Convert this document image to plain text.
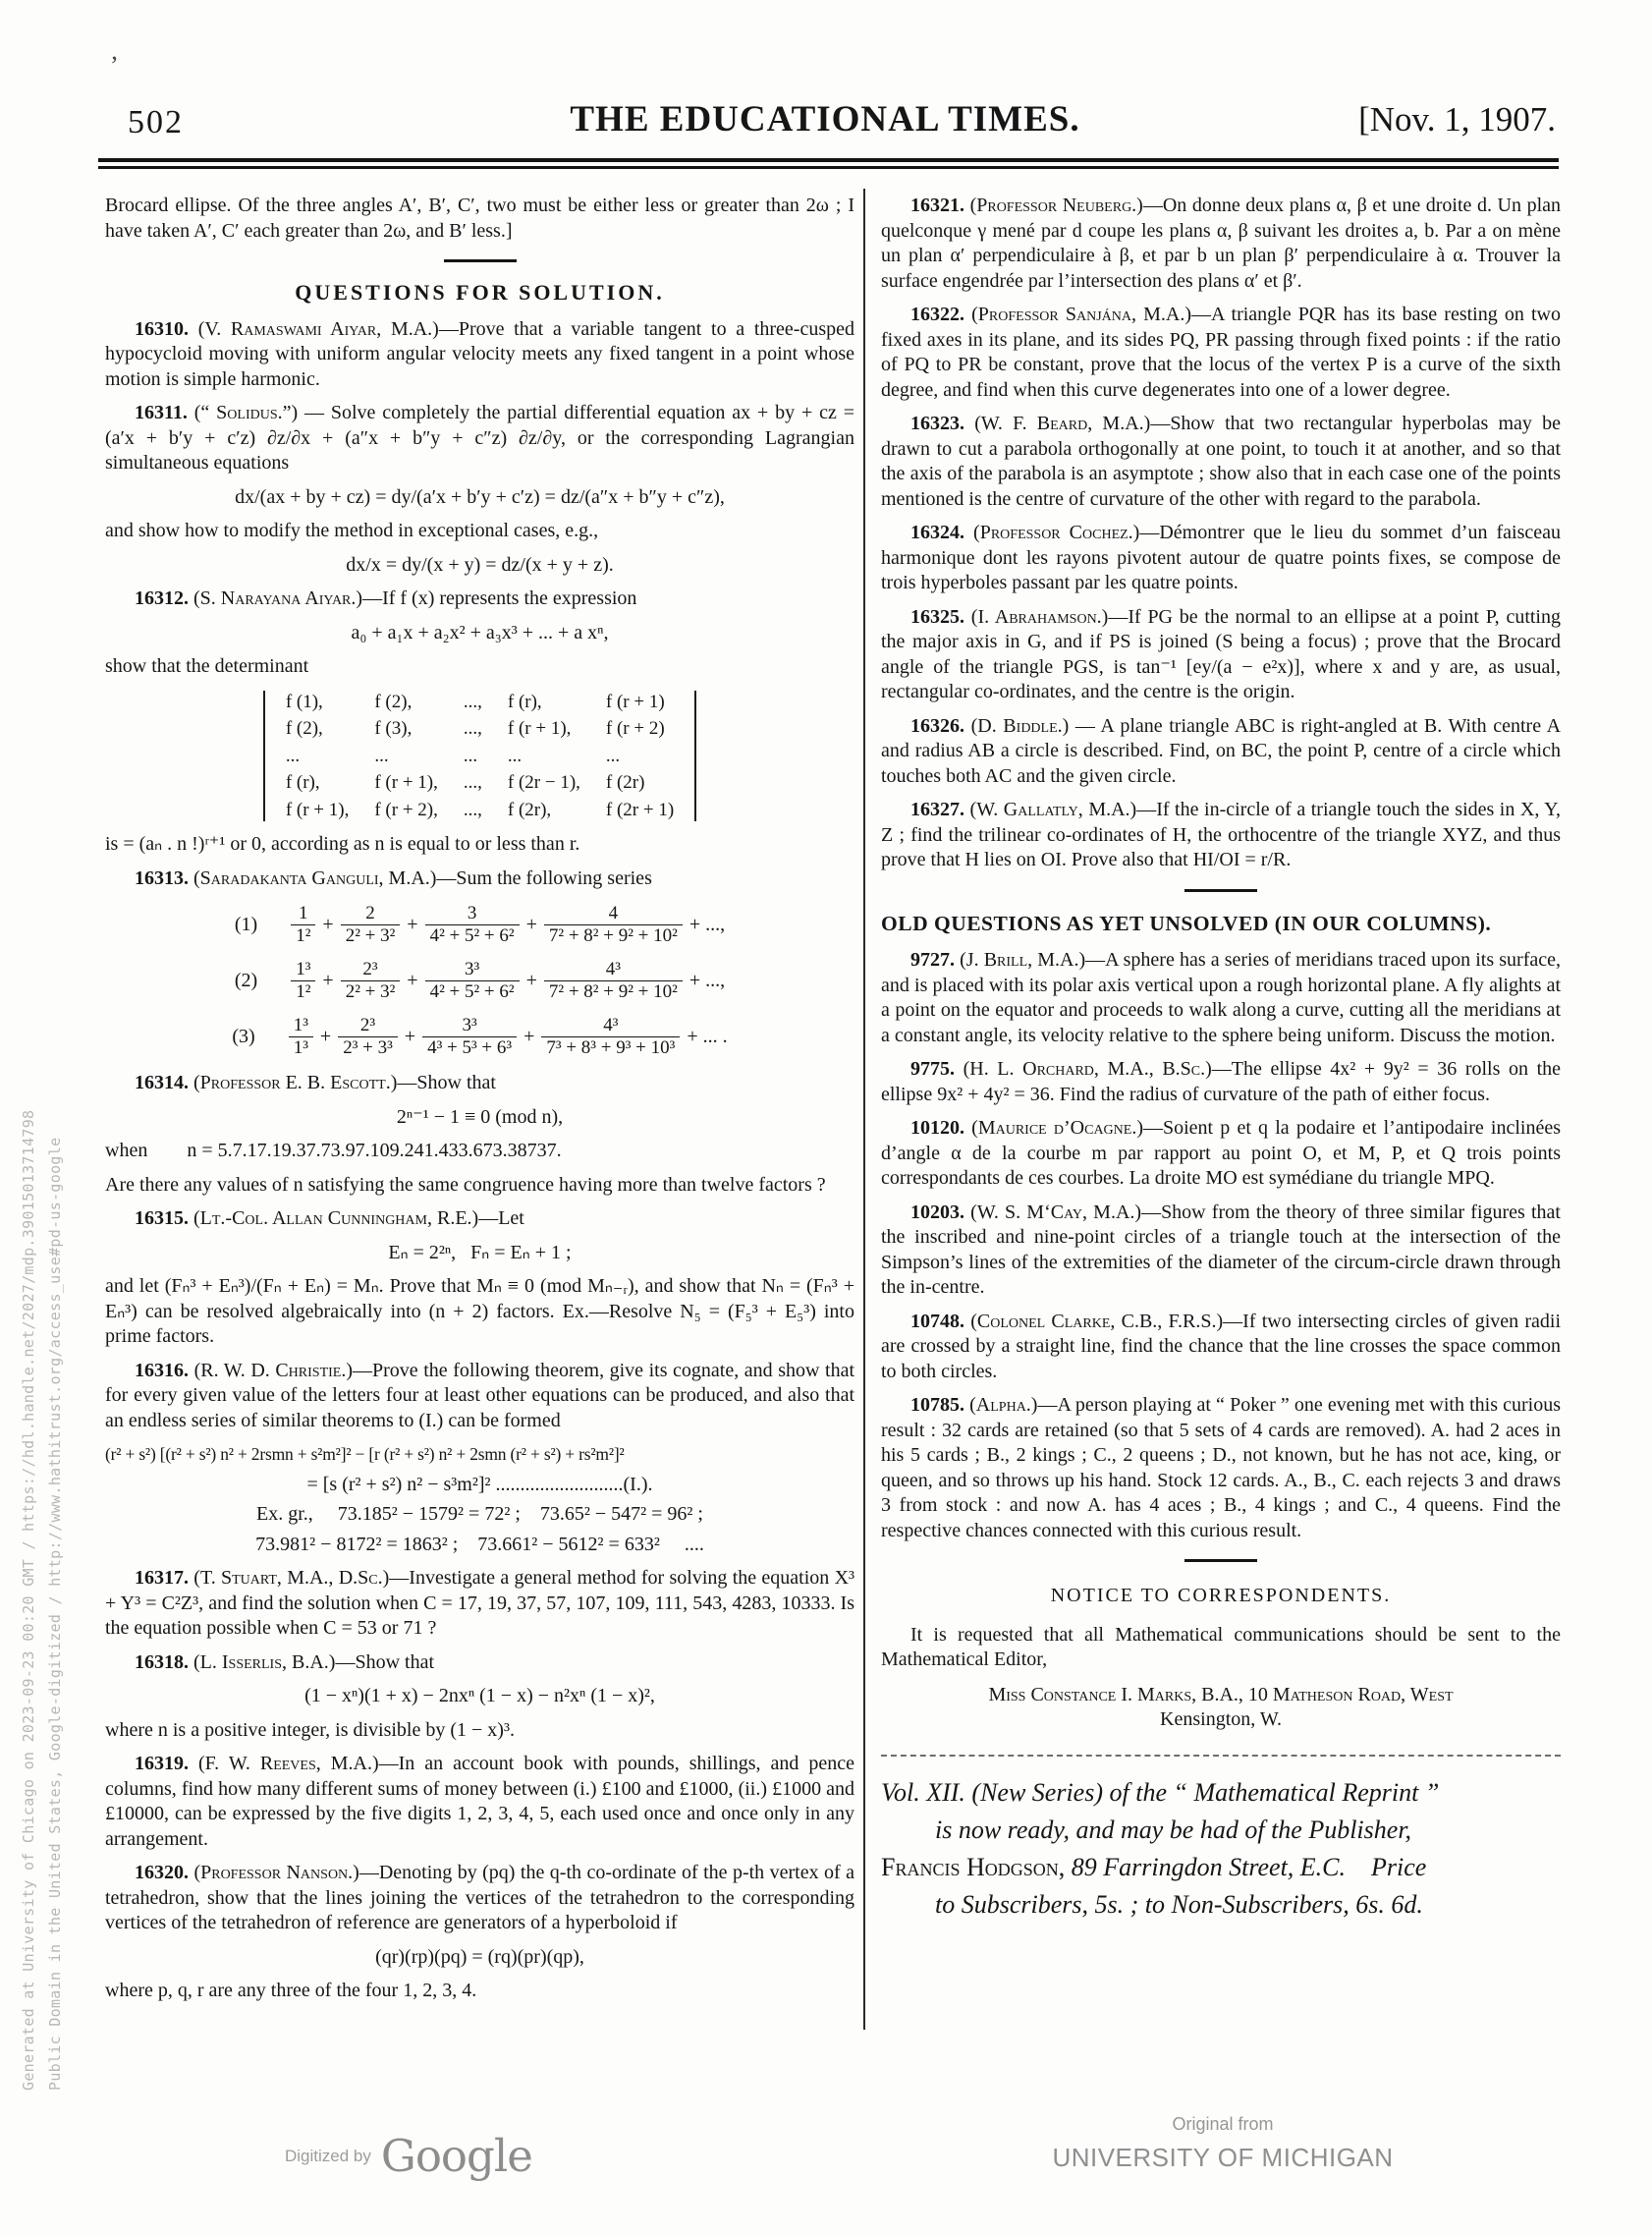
’
502	THE EDUCATIONAL TIMES.	[Nov. 1, 1907.
Generated at University of Chicago on 2023-09-23 00:20 GMT / https://hdl.handle.net/2027/mdp.39015013714798 Public Domain in the United States, Google-digitized / http://www.hathitrust.org/access_use#pd-us-google
Brocard ellipse. Of the three angles A′, B′, C′, two must be either less or greater than 2ω ; I have taken A′, C′ each greater than 2ω, and B′ less.]
QUESTIONS FOR SOLUTION.
16310. (V. Ramaswami Aiyar, M.A.)—Prove that a variable tangent to a three-cusped hypocycloid moving with uniform angular velocity meets any fixed tangent in a point whose motion is simple harmonic.
16311. (“ Solidus.”) — Solve completely the partial differential equation ax + by + cz = (a′x + b′y + c′z) ∂z/∂x + (a″x + b″y + c″z) ∂z/∂y, or the corresponding Lagrangian simultaneous equations
dx/(ax + by + cz) = dy/(a′x + b′y + c′z) = dz/(a″x + b″y + c″z),
and show how to modify the method in exceptional cases, e.g.,
dx/x = dy/(x + y) = dz/(x + y + z).
16312. (S. Narayana Aiyar.)—If f (x) represents the expression
a₀ + a₁x + a₂x² + a₃x³ + ... + a xⁿ,
show that the determinant
f (1),	f (2),	...,	f (r),	f (r + 1)
f (2),	f (3),	...,	f (r + 1),	f (r + 2)
...	...	...	...	...
f (r),	f (r + 1),	...,	f (2r − 1),	f (2r)
f (r + 1),	f (r + 2),	...,	f (2r),	f (2r + 1)
is = (aₙ . n !)ʳ⁺¹ or 0, according as n is equal to or less than r.
16313. (Saradakanta Ganguli, M.A.)—Sum the following series
$(1) \frac{1}{\text{1²}} + \frac{2}{\text{2² + 3²}} + \frac{3}{\text{4² + 5² + 6²}} + \frac{4}{\text{7² + 8² + 9² + 10²}}$ + ...,
$(2) \frac{\text{1³}}{\text{1²}} + \frac{\text{2³}}{\text{2² + 3²}} + \frac{\text{3³}}{\text{4² + 5² + 6²}} + \frac{\text{4³}}{\text{7² + 8² + 9² + 10²}}$ + ...,
$(3) \frac{\text{1³}}{\text{1³}} + \frac{\text{2³}}{\text{2³ + 3³}} + \frac{\text{3³}}{\text{4³ + 5³ + 6³}} + \frac{\text{4³}}{\text{7³ + 8³ + 9³ + 10³}}$ + ... .
16314. (Professor E. B. Escott.)—Show that
2ⁿ⁻¹ − 1 ≡ 0 (mod n),
when  n = 5.7.17.19.37.73.97.109.241.433.673.38737.
Are there any values of n satisfying the same congruence having more than twelve factors ?
16315. (Lt.-Col. Allan Cunningham, R.E.)—Let
Eₙ = 2²ⁿ,  Fₙ = Eₙ + 1 ;
and let (Fₙ³ + Eₙ³)/(Fₙ + Eₙ) = Mₙ. Prove that Mₙ ≡ 0 (mod Mₙ₋ᵣ), and show that Nₙ = (Fₙ³ + Eₙ³) can be resolved algebraically into (n + 2) factors. Ex.—Resolve N₅ = (F₅³ + E₅³) into prime factors.
16316. (R. W. D. Christie.)—Prove the following theorem, give its cognate, and show that for every given value of the letters four at least other equations can be produced, and also that an endless series of similar theorems to (I.) can be formed
(r² + s²) [(r² + s²) n² + 2rsmn + s²m²]² − [r (r² + s²) n² + 2smn (r² + s²) + rs²m²]²
= [s (r² + s²) n² − s³m²]² ..........................(I.).
Ex. gr.,  73.185² − 1579² = 72² ;   73.65² − 547² = 96² ;
73.981² − 8172² = 1863² ;   73.661² − 5612² = 633²  ....
16317. (T. Stuart, M.A., D.Sc.)—Investigate a general method for solving the equation X³ + Y³ = C²Z³, and find the solution when C = 17, 19, 37, 57, 107, 109, 111, 543, 4283, 10333. Is the equation possible when C = 53 or 71 ?
16318. (L. Isserlis, B.A.)—Show that
(1 − xⁿ)(1 + x) − 2nxⁿ (1 − x) − n²xⁿ (1 − x)²,
where n is a positive integer, is divisible by (1 − x)³.
16319. (F. W. Reeves, M.A.)—In an account book with pounds, shillings, and pence columns, find how many different sums of money between (i.) £100 and £1000, (ii.) £1000 and £10000, can be expressed by the five digits 1, 2, 3, 4, 5, each used once and once only in any arrangement.
16320. (Professor Nanson.)—Denoting by (pq) the q-th co-ordinate of the p-th vertex of a tetrahedron, show that the lines joining the vertices of the tetrahedron to the corresponding vertices of the tetrahedron of reference are generators of a hyperboloid if
(qr)(rp)(pq) = (rq)(pr)(qp),
where p, q, r are any three of the four 1, 2, 3, 4.
16321. (Professor Neuberg.)—On donne deux plans α, β et une droite d. Un plan quelconque γ mené par d coupe les plans α, β suivant les droites a, b. Par a on mène un plan α′ perpendiculaire à β, et par b un plan β′ perpendiculaire à α. Trouver la surface engendrée par l’intersection des plans α′ et β′.
16322. (Professor Sanjána, M.A.)—A triangle PQR has its base resting on two fixed axes in its plane, and its sides PQ, PR passing through fixed points : if the ratio of PQ to PR be constant, prove that the locus of the vertex P is a curve of the sixth degree, and find when this curve degenerates into one of a lower degree.
16323. (W. F. Beard, M.A.)—Show that two rectangular hyperbolas may be drawn to cut a parabola orthogonally at one point, to touch it at another, and so that the axis of the parabola is an asymptote ; show also that in each case one of the points mentioned is the centre of curvature of the other with regard to the parabola.
16324. (Professor Cochez.)—Démontrer que le lieu du sommet d’un faisceau harmonique dont les rayons pivotent autour de quatre points fixes, se compose de trois hyperboles passant par les quatre points.
16325. (I. Abrahamson.)—If PG be the normal to an ellipse at a point P, cutting the major axis in G, and if PS is joined (S being a focus) ; prove that the Brocard angle of the triangle PGS, is tan⁻¹ [ey/(a − e²x)], where x and y are, as usual, rectangular co-ordinates, and the centre is the origin.
16326. (D. Biddle.) — A plane triangle ABC is right-angled at B. With centre A and radius AB a circle is described. Find, on BC, the point P, centre of a circle which touches both AC and the given circle.
16327. (W. Gallatly, M.A.)—If the in-circle of a triangle touch the sides in X, Y, Z ; find the trilinear co-ordinates of H, the orthocentre of the triangle XYZ, and thus prove that H lies on OI. Prove also that HI/OI = r/R.
OLD QUESTIONS AS YET UNSOLVED (IN OUR COLUMNS).
9727. (J. Brill, M.A.)—A sphere has a series of meridians traced upon its surface, and is placed with its polar axis vertical upon a rough horizontal plane. A fly alights at a point on the equator and proceeds to walk along a curve, cutting all the meridians at a constant angle, its velocity relative to the sphere being uniform. Discuss the motion.
9775. (H. L. Orchard, M.A., B.Sc.)—The ellipse 4x² + 9y² = 36 rolls on the ellipse 9x² + 4y² = 36. Find the radius of curvature of the path of either focus.
10120. (Maurice d’Ocagne.)—Soient p et q la podaire et l’antipodaire inclinées d’angle α de la courbe m par rapport au point O, et M, P, et Q trois points correspondants de ces courbes. La droite MO est symédiane du triangle MPQ.
10203. (W. S. M‘Cay, M.A.)—Show from the theory of three similar figures that the inscribed and nine-point circles of a triangle touch at the intersection of the Simpson’s lines of the extremities of the diameter of the circum-circle drawn through the in-centre.
10748. (Colonel Clarke, C.B., F.R.S.)—If two intersecting circles of given radii are crossed by a straight line, find the chance that the line crosses the space common to both circles.
10785. (Alpha.)—A person playing at “ Poker ” one evening met with this curious result : 32 cards are retained (so that 5 sets of 4 cards are removed). A. had 2 aces in his 5 cards ; B., 2 kings ; C., 2 queens ; D., not known, but he has not ace, king, or queen, and so throws up his hand. Stock 12 cards. A., B., C. each rejects 3 and draws 3 from stock : and now A. has 4 aces ; B., 4 kings ; and C., 4 queens. Find the respective chances connected with this curious result.
NOTICE TO CORRESPONDENTS.
It is requested that all Mathematical communications should be sent to the Mathematical Editor,
Miss Constance I. Marks, B.A., 10 Matheson Road, West
Kensington, W.
Vol. XII. (New Series) of the “ Mathematical Reprint ”
is now ready, and may be had of the Publisher,
Francis Hodgson, 89 Farringdon Street, E.C. Price
to Subscribers, 5s. ; to Non-Subscribers, 6s. 6d.
Digitized by Google
Original from
UNIVERSITY OF MICHIGAN
